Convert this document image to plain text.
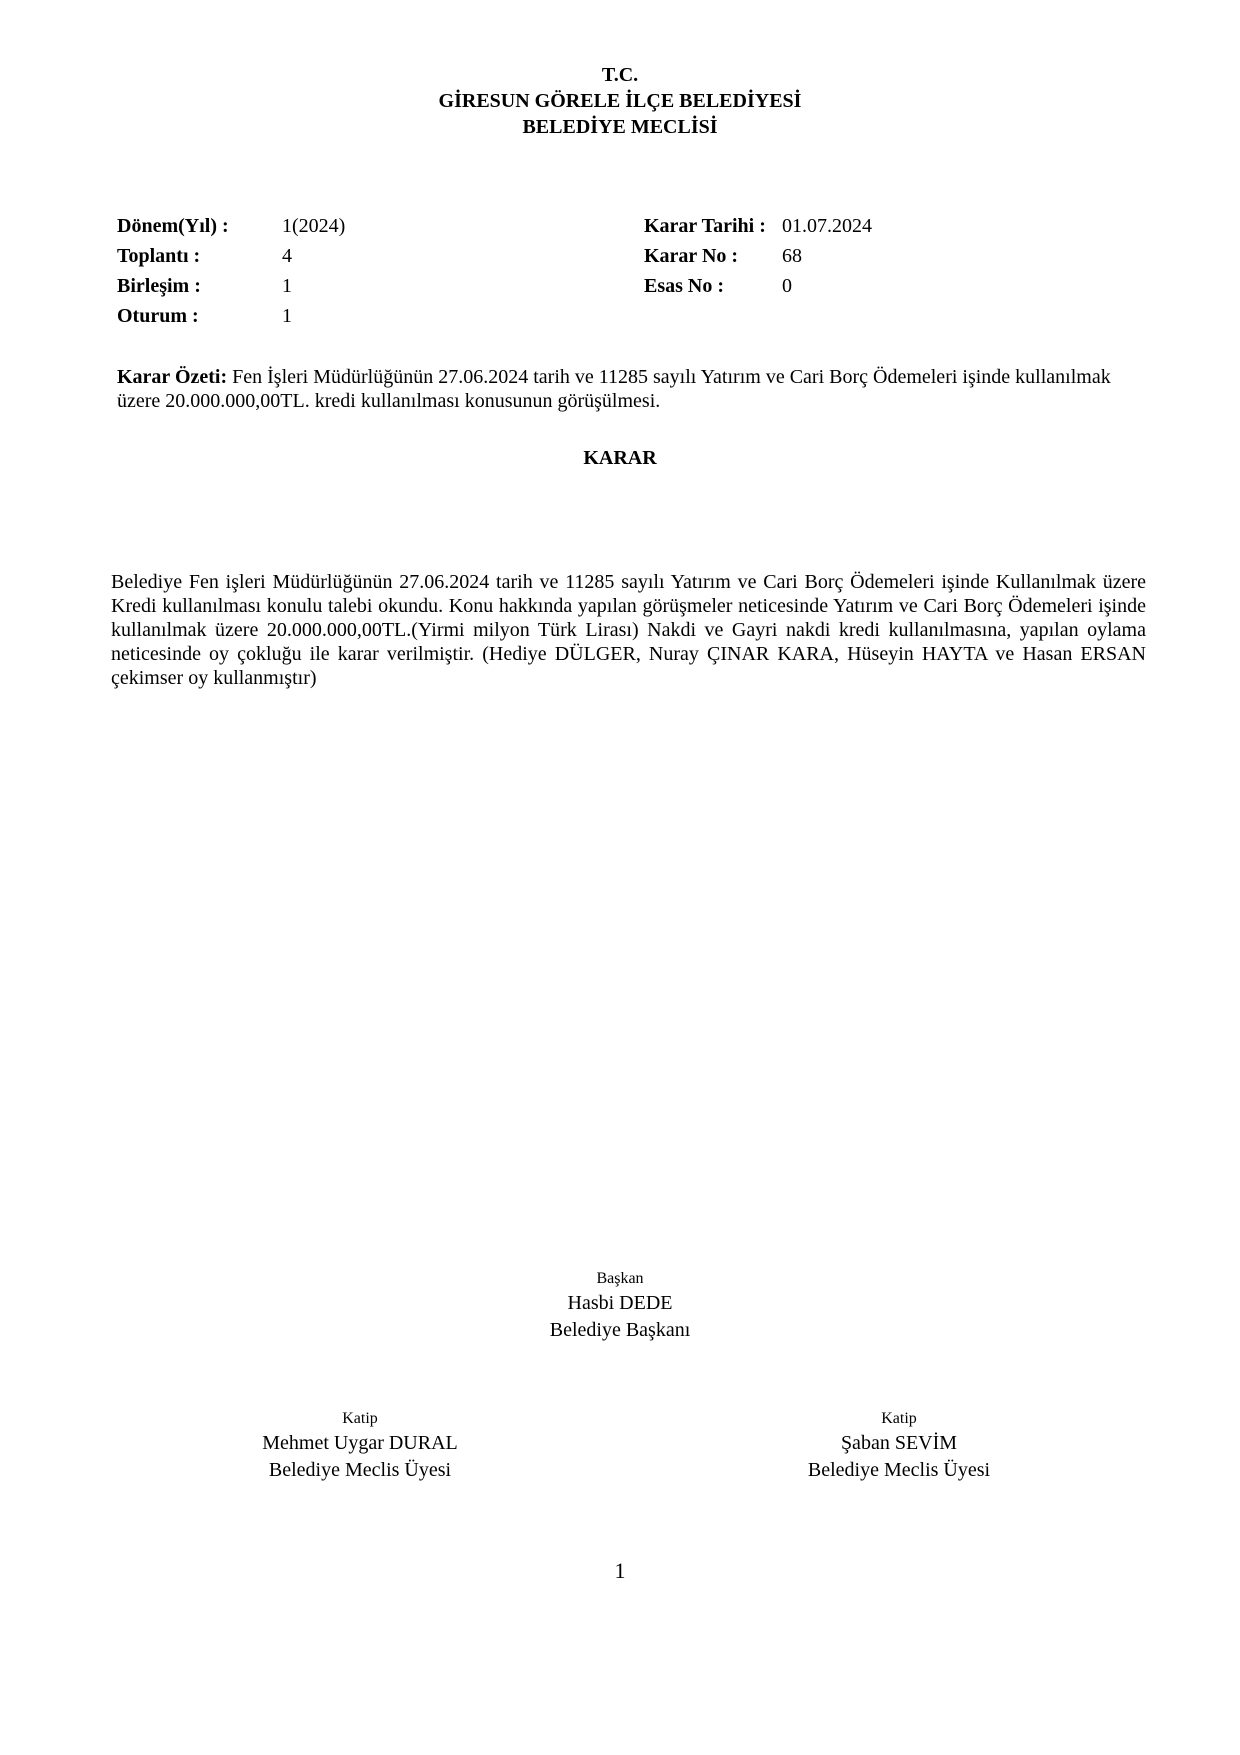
T.C.
GİRESUN GÖRELE İLÇE BELEDİYESİ
BELEDİYE MECLİSİ
Dönem(Yıl) :	1(2024)
Toplantı :	4
Birleşim :	1
Oturum :	1
Karar Tarihi : 01.07.2024
Karar No :	68
Esas No :	0
Karar Özeti: Fen İşleri Müdürlüğünün 27.06.2024 tarih ve 11285 sayılı Yatırım ve Cari Borç Ödemeleri işinde kullanılmak üzere 20.000.000,00TL. kredi kullanılması konusunun görüşülmesi.
KARAR
Belediye Fen işleri Müdürlüğünün 27.06.2024 tarih ve 11285 sayılı Yatırım ve Cari Borç Ödemeleri işinde Kullanılmak üzere Kredi kullanılması konulu talebi okundu. Konu hakkında yapılan görüşmeler neticesinde Yatırım ve Cari Borç Ödemeleri işinde kullanılmak üzere 20.000.000,00TL.(Yirmi milyon Türk Lirası) Nakdi ve Gayri nakdi kredi kullanılmasına, yapılan oylama neticesinde oy çokluğu ile karar verilmiştir. (Hediye DÜLGER, Nuray ÇINAR KARA, Hüseyin HAYTA ve Hasan ERSAN çekimser oy kullanmıştır)
Başkan
Hasbi DEDE
Belediye Başkanı
Katip
Mehmet Uygar DURAL
Belediye Meclis Üyesi
Katip
Şaban SEVİM
Belediye Meclis Üyesi
1
